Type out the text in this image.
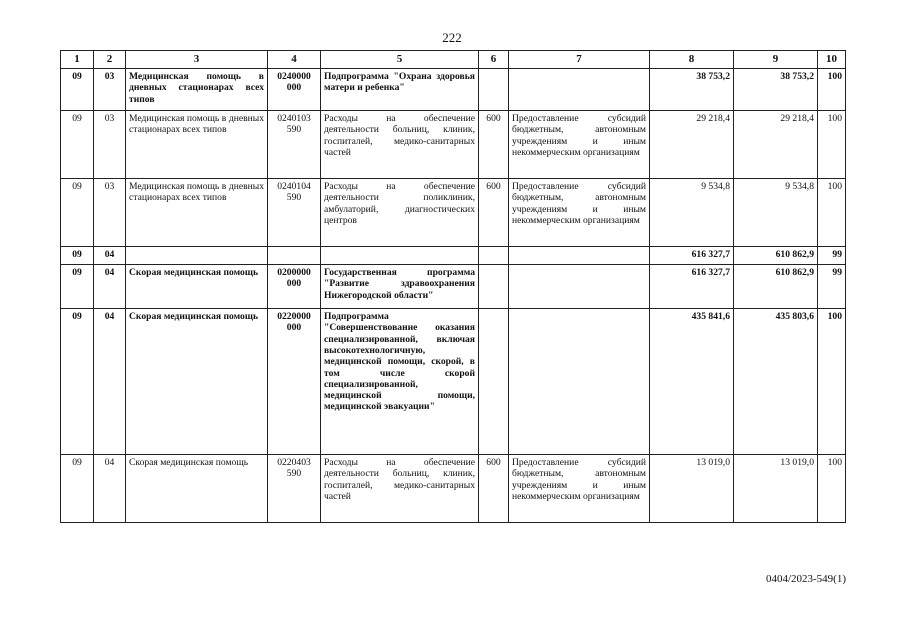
222
1	2	3	4	5	6	7	8	9	10
09	03	Медицинская помощь в дневных стационарах всех типов	0240000 000	Подпрограмма "Охрана здоровья матери и ребенка"			38 753,2	38 753,2	100
09	03	Медицинская помощь в дневных стационарах всех типов	0240103 590	Расходы на обеспечение деятельности больниц, клиник, госпиталей, медико-санитарных частей	600	Предоставление субсидий бюджетным, автономным учреждениям и иным некоммерческим организациям	29 218,4	29 218,4	100
09	03	Медицинская помощь в дневных стационарах всех типов	0240104 590	Расходы на обеспечение деятельности поликлиник, амбулаторий, диагностических центров	600	Предоставление субсидий бюджетным, автономным учреждениям и иным некоммерческим организациям	9 534,8	9 534,8	100
09	04						616 327,7	610 862,9	99
09	04	Скорая медицинская помощь	0200000 000	Государственная программа "Развитие здравоохранения Нижегородской области"			616 327,7	610 862,9	99
09	04	Скорая медицинская помощь	0220000 000	Подпрограмма "Совершенствование оказания специализированной, включая высокотехнологичную, медицинской помощи, скорой, в том числе скорой специализированной, медицинской помощи, медицинской эвакуации"			435 841,6	435 803,6	100
09	04	Скорая медицинская помощь	0220403 590	Расходы на обеспечение деятельности больниц, клиник, госпиталей, медико-санитарных частей	600	Предоставление субсидий бюджетным, автономным учреждениям и иным некоммерческим организациям	13 019,0	13 019,0	100
0404/2023-549(1)
